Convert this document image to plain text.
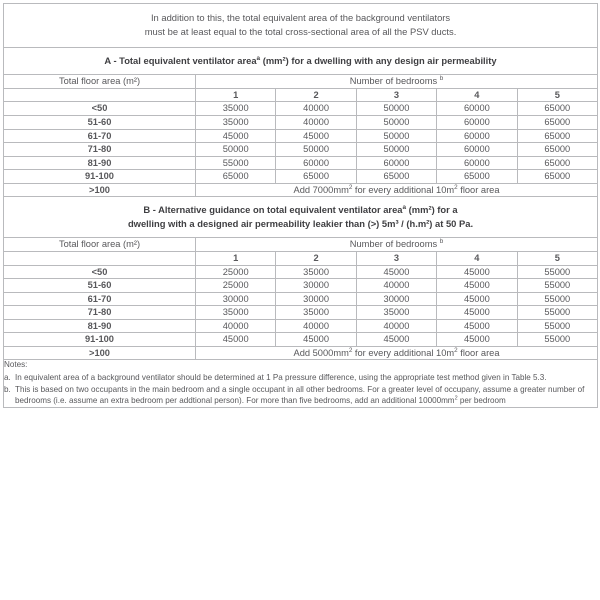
In addition to this, the total equivalent area of the background ventilators
must be at least equal to the total cross-sectional area of all the PSV ducts.					

A - Total equivalent ventilator area$^a$ (mm²) for a dwelling with any design air permeability					

Total floor area (m²)	Number of bedrooms $^b$
	1	2	3	4	5
<50	35000	40000	50000	60000	65000
51-60	35000	40000	50000	60000	65000
61-70	45000	45000	50000	60000	65000
71-80	50000	50000	50000	60000	65000
81-90	55000	60000	60000	60000	65000
91-100	65000	65000	65000	65000	65000
>100	Add $7000mm^2$ for every additional $10m^2$ floor area				

B - Alternative guidance on total equivalent ventilator area$^a$ (mm²) for a
dwelling with a designed air permeability leakier than (>) 5m³ / (h.m²) at 50 Pa.					

Total floor area (m²)	Number of bedrooms $^b$
	1	2	3	4	5
<50	25000	35000	45000	45000	55000
51-60	25000	30000	40000	45000	55000
61-70	30000	30000	30000	45000	55000
71-80	35000	35000	35000	45000	55000
81-90	40000	40000	40000	45000	55000
91-100	45000	45000	45000	45000	55000
>100	Add $5000mm^2$ for every additional $10m^2$ floor area				

Notes:
a. In equivalent area of a background ventilator should be determined at 1 Pa pressure difference, using the appropriate test method given in Table 5.3.
b. This is based on two occupants in the main bedroom and a single occupant in all other bedrooms. For a greater level of occupany, assume a greater number of bedrooms (i.e. assume an extra bedroom per addtional person). For more than five bedrooms, add an additional $10000mm^2$ per bedroom					
